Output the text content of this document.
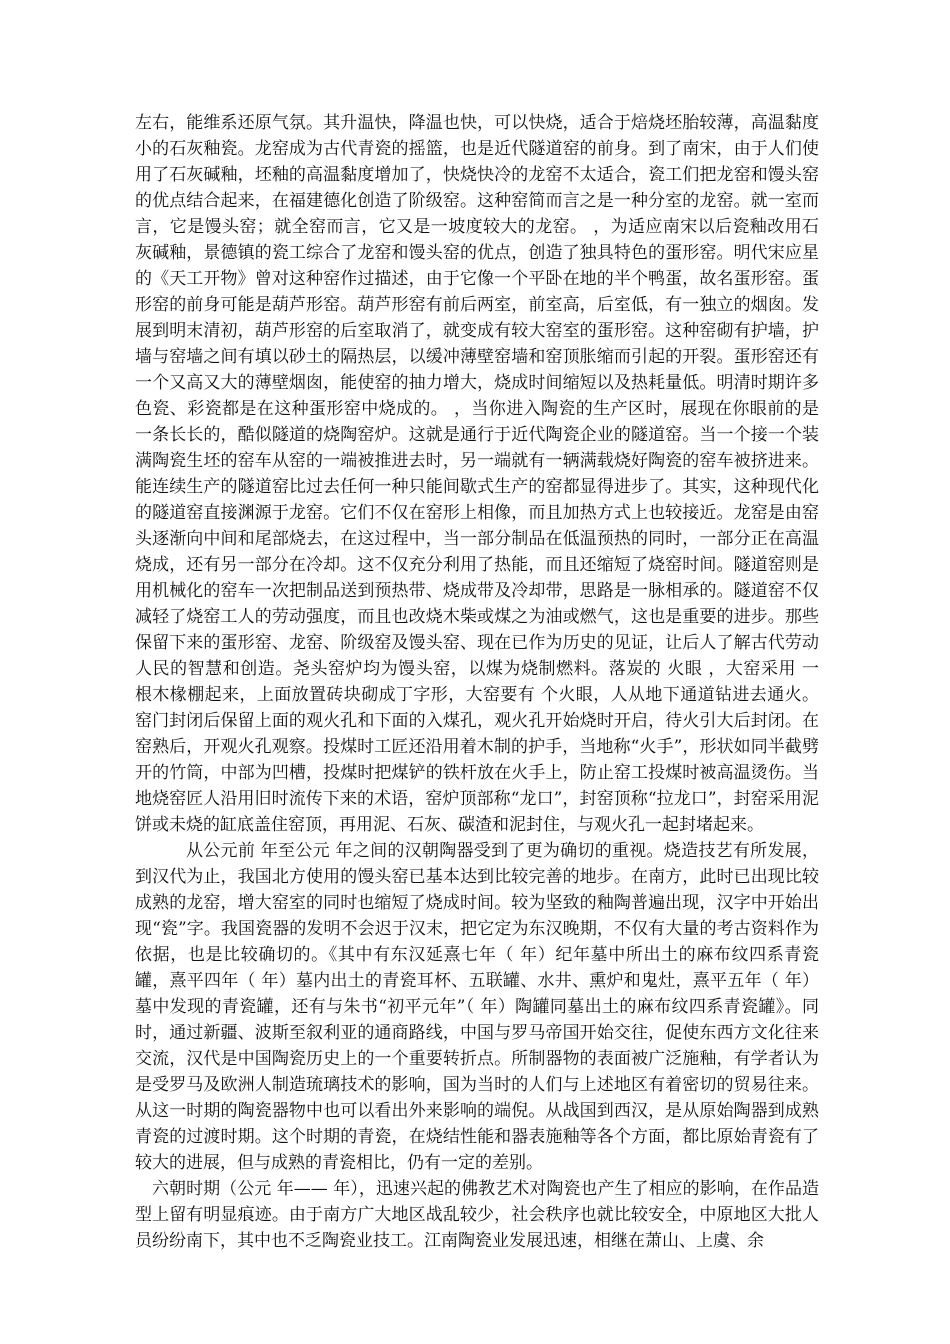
左右，能维系还原气氛。其升温快，降温也快，可以快烧，适合于焙烧坯胎较薄，高温黏度小的石灰釉瓷。龙窑成为古代青瓷的摇篮，也是近代隧道窑的前身。到了南宋，由于人们使用了石灰碱釉，坯釉的高温黏度增加了，快烧快冷的龙窑不太适合，瓷工们把龙窑和馒头窑的优点结合起来，在福建德化创造了阶级窑。这种窑简而言之是一种分室的龙窑。就一室而言，它是馒头窑；就全窑而言，它又是一坡度较大的龙窑。 ，为适应南宋以后瓷釉改用石灰碱釉，景德镇的瓷工综合了龙窑和馒头窑的优点，创造了独具特色的蛋形窑。明代宋应星的《天工开物》曾对这种窑作过描述，由于它像一个平卧在地的半个鸭蛋，故名蛋形窑。蛋形窑的前身可能是葫芦形窑。葫芦形窑有前后两室，前室高，后室低，有一独立的烟囱。发展到明末清初，葫芦形窑的后室取消了，就变成有较大窑室的蛋形窑。这种窑砌有护墙，护墙与窑墙之间有填以砂土的隔热层，以缓冲薄壁窑墙和窑顶胀缩而引起的开裂。蛋形窑还有一个又高又大的薄壁烟囱，能使窑的抽力增大，烧成时间缩短以及热耗量低。明清时期许多色瓷、彩瓷都是在这种蛋形窑中烧成的。 ，当你进入陶瓷的生产区时，展现在你眼前的是一条长长的，酷似隧道的烧陶窑炉。这就是通行于近代陶瓷企业的隧道窑。当一个接一个装满陶瓷生坯的窑车从窑的一端被推进去时，另一端就有一辆满载烧好陶瓷的窑车被挤进来。能连续生产的隧道窑比过去任何一种只能间歇式生产的窑都显得进步了。其实，这种现代化的隧道窑直接渊源于龙窑。它们不仅在窑形上相像，而且加热方式上也较接近。龙窑是由窑头逐渐向中间和尾部烧去，在这过程中，当一部分制品在低温预热的同时，一部分正在高温烧成，还有另一部分在冷却。这不仅充分利用了热能，而且还缩短了烧窑时间。隧道窑则是用机械化的窑车一次把制品送到预热带、烧成带及冷却带，思路是一脉相承的。隧道窑不仅减轻了烧窑工人的劳动强度，而且也改烧木柴或煤之为油或燃气，这也是重要的进步。那些保留下来的蛋形窑、龙窑、阶级窑及馒头窑、现在已作为历史的见证，让后人了解古代劳动人民的智慧和创造。尧头窑炉均为馒头窑，以煤为烧制燃料。落炭的 火眼 ，大窑采用 一 根木椽棚起来，上面放置砖块砌成丁字形，大窑要有 个火眼，人从地下通道钻进去通火。窑门封闭后保留上面的观火孔和下面的入煤孔，观火孔开始烧时开启，待火引大后封闭。在窑熟后，开观火孔观察。投煤时工匠还沿用着木制的护手，当地称“火手”，形状如同半截劈开的竹筒，中部为凹槽，投煤时把煤铲的铁杆放在火手上，防止窑工投煤时被高温烫伤。当地烧窑匠人沿用旧时流传下来的术语，窑炉顶部称“龙口”，封窑顶称“拉龙口”，封窑采用泥饼或未烧的缸底盖住窑顶，再用泥、石灰、碳渣和泥封住，与观火孔一起封堵起来。

从公元前 年至公元 年之间的汉朝陶器受到了更为确切的重视。烧造技艺有所发展，到汉代为止，我国北方使用的馒头窑已基本达到比较完善的地步。在南方，此时已出现比较成熟的龙窑，增大窑室的同时也缩短了烧成时间。较为坚致的釉陶普遍出现，汉字中开始出现“瓷”字。我国瓷器的发明不会迟于汉末，把它定为东汉晚期，不仅有大量的考古资料作为依据，也是比较确切的。《其中有东汉延熹七年（ 年）纪年墓中所出土的麻布纹四系青瓷罐，熹平四年（ 年）墓内出土的青瓷耳杯、五联罐、水井、熏炉和鬼灶，熹平五年（ 年）墓中发现的青瓷罐，还有与朱书“初平元年”（ 年）陶罐同墓出土的麻布纹四系青瓷罐》。同时，通过新疆、波斯至叙利亚的通商路线，中国与罗马帝国开始交往，促使东西方文化往来交流，汉代是中国陶瓷历史上的一个重要转折点。所制器物的表面被广泛施釉，有学者认为是受罗马及欧洲人制造琉璃技术的影响，国为当时的人们与上述地区有着密切的贸易往来。从这一时期的陶瓷器物中也可以看出外来影响的端倪。从战国到西汉，是从原始陶器到成熟青瓷的过渡时期。这个时期的青瓷，在烧结性能和器表施釉等各个方面，都比原始青瓷有了较大的进展，但与成熟的青瓷相比，仍有一定的差别。

六朝时期（公元 年—— 年），迅速兴起的佛教艺术对陶瓷也产生了相应的影响，在作品造型上留有明显痕迹。由于南方广大地区战乱较少，社会秩序也就比较安全，中原地区大批人员纷纷南下，其中也不乏陶瓷业技工。江南陶瓷业发展迅速，相继在萧山、上虞、余
